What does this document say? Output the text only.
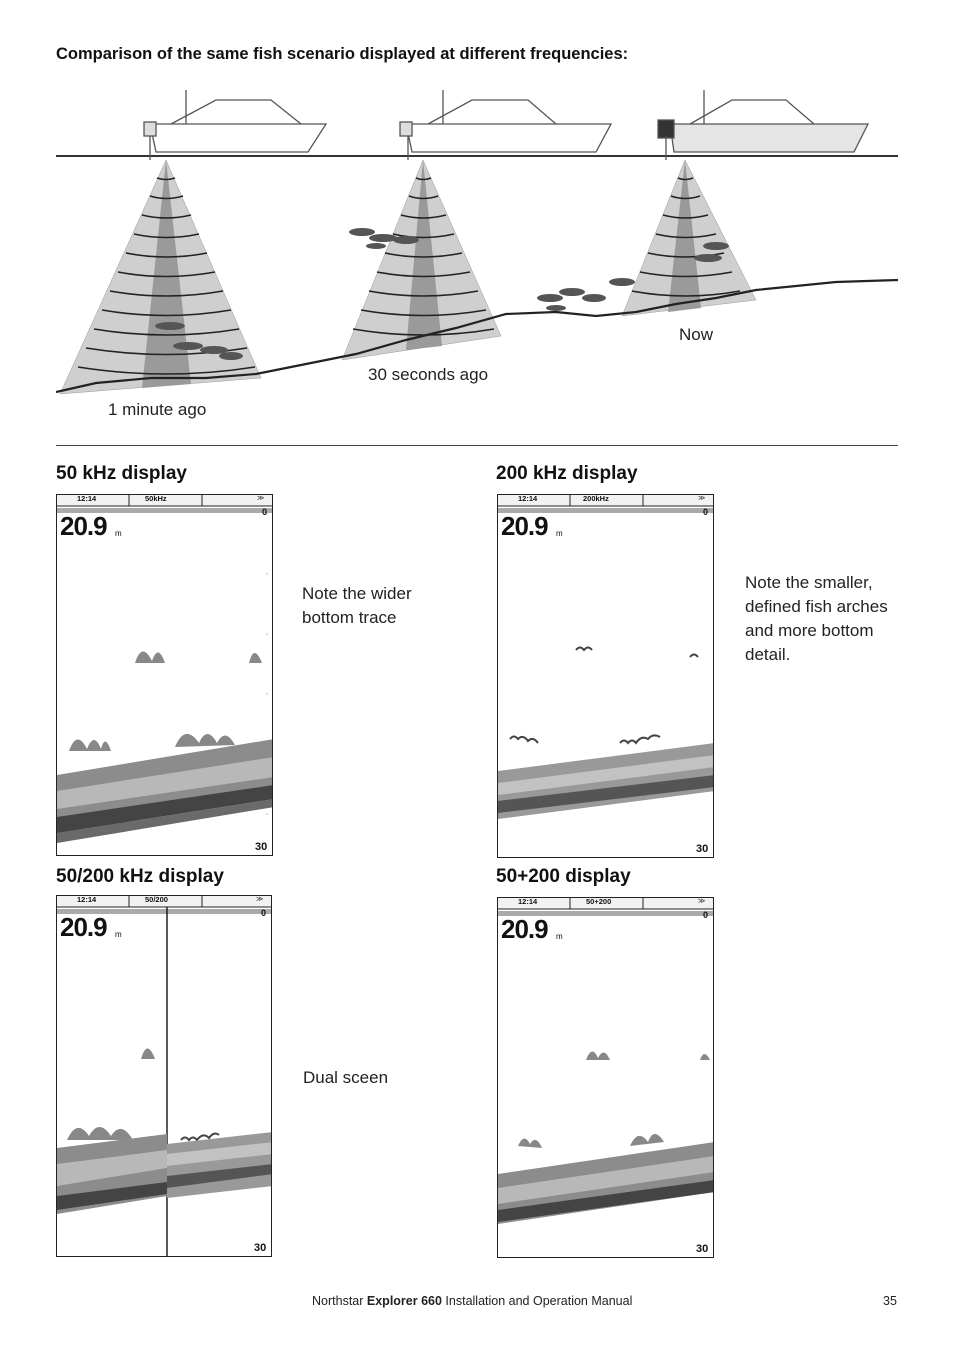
Comparison of the same fish scenario displayed at different frequencies:
1 minute ago
30 seconds ago
Now
50 kHz display	200 kHz display
50/200 kHz display	50+200 display
Note the wider bottom trace
Note the smaller, defined fish arches and more bottom detail.
Dual sceen
12:14	50kHz	≫
0
20.9 m
30
12:14	200kHz	≫
0
20.9 m
30
12:14	50/200	≫
0
20.9 m
30
12:14	50+200	≫
0
20.9 m
30
Northstar Explorer 660 Installation and Operation Manual	35
